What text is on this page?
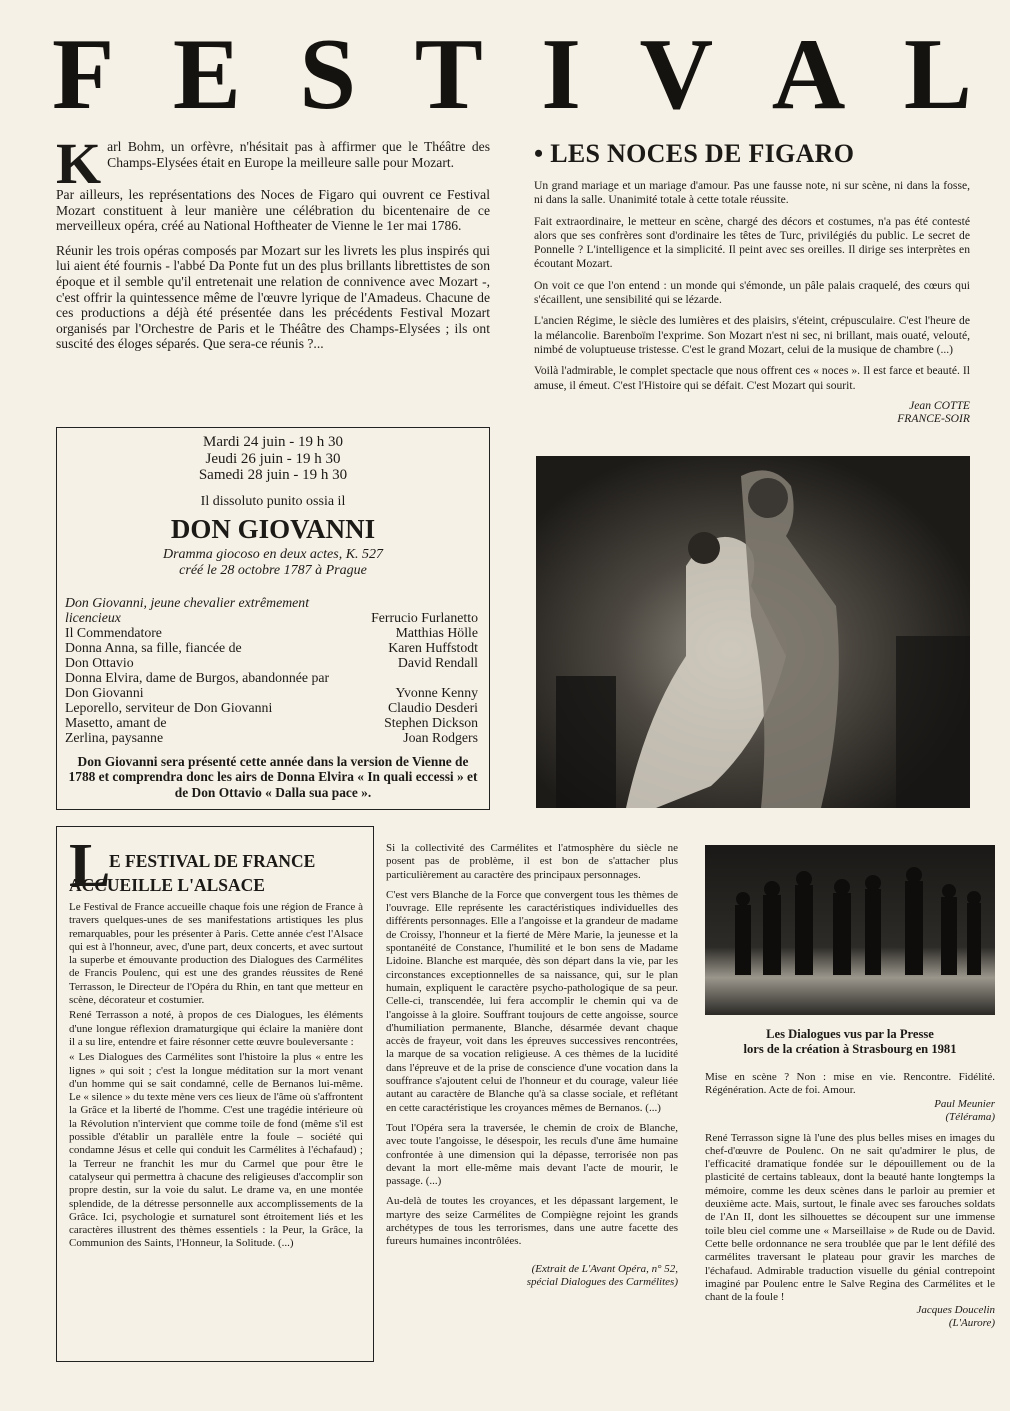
F E S T I V A L

Karl Bohm, un orfèvre, n'hésitait pas à affirmer que le Théâtre des Champs-Elysées était en Europe la meilleure salle pour Mozart.

Par ailleurs, les représentations des Noces de Figaro qui ouvrent ce Festival Mozart constituent à leur manière une célébration du bicentenaire de ce merveilleux opéra, créé au National Hoftheater de Vienne le 1er mai 1786.

Réunir les trois opéras composés par Mozart sur les livrets les plus inspirés qui lui aient été fournis - l'abbé Da Ponte fut un des plus brillants librettistes de son époque et il semble qu'il entretenait une relation de connivence avec Mozart -, c'est offrir la quintessence même de l'œuvre lyrique de l'Amadeus. Chacune de ces productions a déjà été présentée dans les précédents Festival Mozart organisés par l'Orchestre de Paris et le Théâtre des Champs-Elysées ; ils ont suscité des éloges séparés. Que sera-ce réunis ?...

• LES NOCES DE FIGARO

Un grand mariage et un mariage d'amour. Pas une fausse note, ni sur scène, ni dans la fosse, ni dans la salle. Unanimité totale à cette totale réussite.

Fait extraordinaire, le metteur en scène, chargé des décors et costumes, n'a pas été contesté alors que ses confrères sont d'ordinaire les têtes de Turc, privilégiés du public. Le secret de Ponnelle ? L'intelligence et la simplicité. Il peint avec ses oreilles. Il dirige ses interprètes en écoutant Mozart.

On voit ce que l'on entend : un monde qui s'émonde, un pâle palais craquelé, des cœurs qui s'écaillent, une sensibilité qui se lézarde.

L'ancien Régime, le siècle des lumières et des plaisirs, s'éteint, crépusculaire. C'est l'heure de la mélancolie. Barenboïm l'exprime. Son Mozart n'est ni sec, ni brillant, mais ouaté, velouté, nimbé de voluptueuse tristesse. C'est le grand Mozart, celui de la musique de chambre (...)

Voilà l'admirable, le complet spectacle que nous offrent ces « noces ». Il est farce et beauté. Il amuse, il émeut. C'est l'Histoire qui se défait. C'est Mozart qui sourit.

Jean COTTE
FRANCE-SOIR
Mardi 24 juin - 19 h 30
Jeudi 26 juin - 19 h 30
Samedi 28 juin - 19 h 30
Il dissoluto punito ossia il
DON GIOVANNI
Dramma giocoso en deux actes, K. 527
créé le 28 octobre 1787 à Prague
Don Giovanni, jeune chevalier extrêmement licencieux	Ferrucio Furlanetto
Il Commendatore	Matthias Hölle
Donna Anna, sa fille, fiancée de	Karen Huffstodt
Don Ottavio	David Rendall
Donna Elvira, dame de Burgos, abandonnée par Don Giovanni	Yvonne Kenny
Leporello, serviteur de Don Giovanni	Claudio Desderi
Masetto, amant de	Stephen Dickson
Zerlina, paysanne	Joan Rodgers
Don Giovanni sera présenté cette année dans la version de Vienne de 1788 et comprendra donc les airs de Donna Elvira « In quali eccessi » et de Don Ottavio « Dalla sua pace ».
L
E FESTIVAL DE FRANCE
ACCUEILLE L'ALSACE

Le Festival de France accueille chaque fois une région de France à travers quelques-unes de ses manifestations artistiques les plus remarquables, pour les présenter à Paris. Cette année c'est l'Alsace qui est à l'honneur, avec, d'une part, deux concerts, et avec surtout la superbe et émouvante production des Dialogues des Carmélites de Francis Poulenc, qui est une des grandes réussites de René Terrasson, le Directeur de l'Opéra du Rhin, en tant que metteur en scène, décorateur et costumier.

René Terrasson a noté, à propos de ces Dialogues, les éléments d'une longue réflexion dramaturgique qui éclaire la manière dont il a su lire, entendre et faire résonner cette œuvre bouleversante :

« Les Dialogues des Carmélites sont l'histoire la plus « entre les lignes » qui soit ; c'est la longue méditation sur la mort venant d'un homme qui se sait condamné, celle de Bernanos lui-même. Le « silence » du texte mène vers ces lieux de l'âme où s'affrontent la Grâce et la liberté de l'homme. C'est une tragédie intérieure où la Révolution n'intervient que comme toile de fond (même s'il est possible d'établir un parallèle entre la foule – société qui condamne Jésus et celle qui conduit les Carmélites à l'échafaud) ; la Terreur ne franchit les mur du Carmel que pour être le catalyseur qui permettra à chacune des religieuses d'accomplir son propre destin, sur la voie du salut. Le drame va, en une montée splendide, de la détresse personnelle aux accomplissements de la Grâce. Ici, psychologie et surnaturel sont étroitement liés et les caractères illustrent des thèmes essentiels : la Peur, la Grâce, la Communion des Saints, l'Honneur, la Solitude. (...)

Si la collectivité des Carmélites et l'atmosphère du siècle ne posent pas de problème, il est bon de s'attacher plus particulièrement au caractère des principaux personnages.

C'est vers Blanche de la Force que convergent tous les thèmes de l'ouvrage. Elle représente les caractéristiques individuelles des différents personnages. Elle a l'angoisse et la grandeur de madame de Croissy, l'honneur et la fierté de Mère Marie, la jeunesse et la spontanéité de Constance, l'humilité et le bon sens de Madame Lidoine. Blanche est marquée, dès son départ dans la vie, par les circonstances exceptionnelles de sa naissance, qui, sur le plan humain, expliquent le caractère psycho-pathologique de sa peur. Celle-ci, transcendée, lui fera accomplir le chemin qui va de l'angoisse à la gloire. Souffrant toujours de cette angoisse, source d'humiliation permanente, Blanche, désarmée devant chaque accès de frayeur, voit dans les épreuves successives rencontrées, la marque de sa vocation religieuse. A ces thèmes de la lucidité dans l'épreuve et de la prise de conscience d'une vocation dans la souffrance s'ajoutent celui de l'honneur et du courage, valeur liée autant au caractère de Blanche qu'à sa classe sociale, et reflétant en cette caractéristique les croyances mêmes de Bernanos. (...)

Tout l'Opéra sera la traversée, le chemin de croix de Blanche, avec toute l'angoisse, le désespoir, les reculs d'une âme humaine confrontée à une dimension qui la dépasse, terrorisée non pas devant la mort elle-même mais devant l'acte de mourir, le passage. (...)

Au-delà de toutes les croyances, et les dépassant largement, le martyre des seize Carmélites de Compiègne rejoint les grands archétypes de tous les terrorismes, dans une autre facette des fureurs humaines incontrôlées.

(Extrait de L'Avant Opéra, n° 52,
spécial Dialogues des Carmélites)
Les Dialogues vus par la Presse
lors de la création à Strasbourg en 1981
Mise en scène ? Non : mise en vie. Rencontre. Fidélité. Régénération. Acte de foi. Amour.
Paul Meunier
(Télérama)
René Terrasson signe là l'une des plus belles mises en images du chef-d'œuvre de Poulenc. On ne sait qu'admirer le plus, de l'efficacité dramatique fondée sur le dépouillement ou de la plasticité de certains tableaux, dont la beauté hante longtemps la mémoire, comme les deux scènes dans le parloir au premier et deuxième acte. Mais, surtout, le finale avec ses farouches soldats de l'An II, dont les silhouettes se découpent sur une immense toile bleu ciel comme une « Marseillaise » de Rude ou de David. Cette belle ordonnance ne sera troublée que par le lent défilé des carmélites traversant le plateau pour gravir les marches de l'échafaud. Admirable traduction visuelle du génial contrepoint imaginé par Poulenc entre le Salve Regina des Carmélites et le chant de la foule !
Jacques Doucelin
(L'Aurore)
